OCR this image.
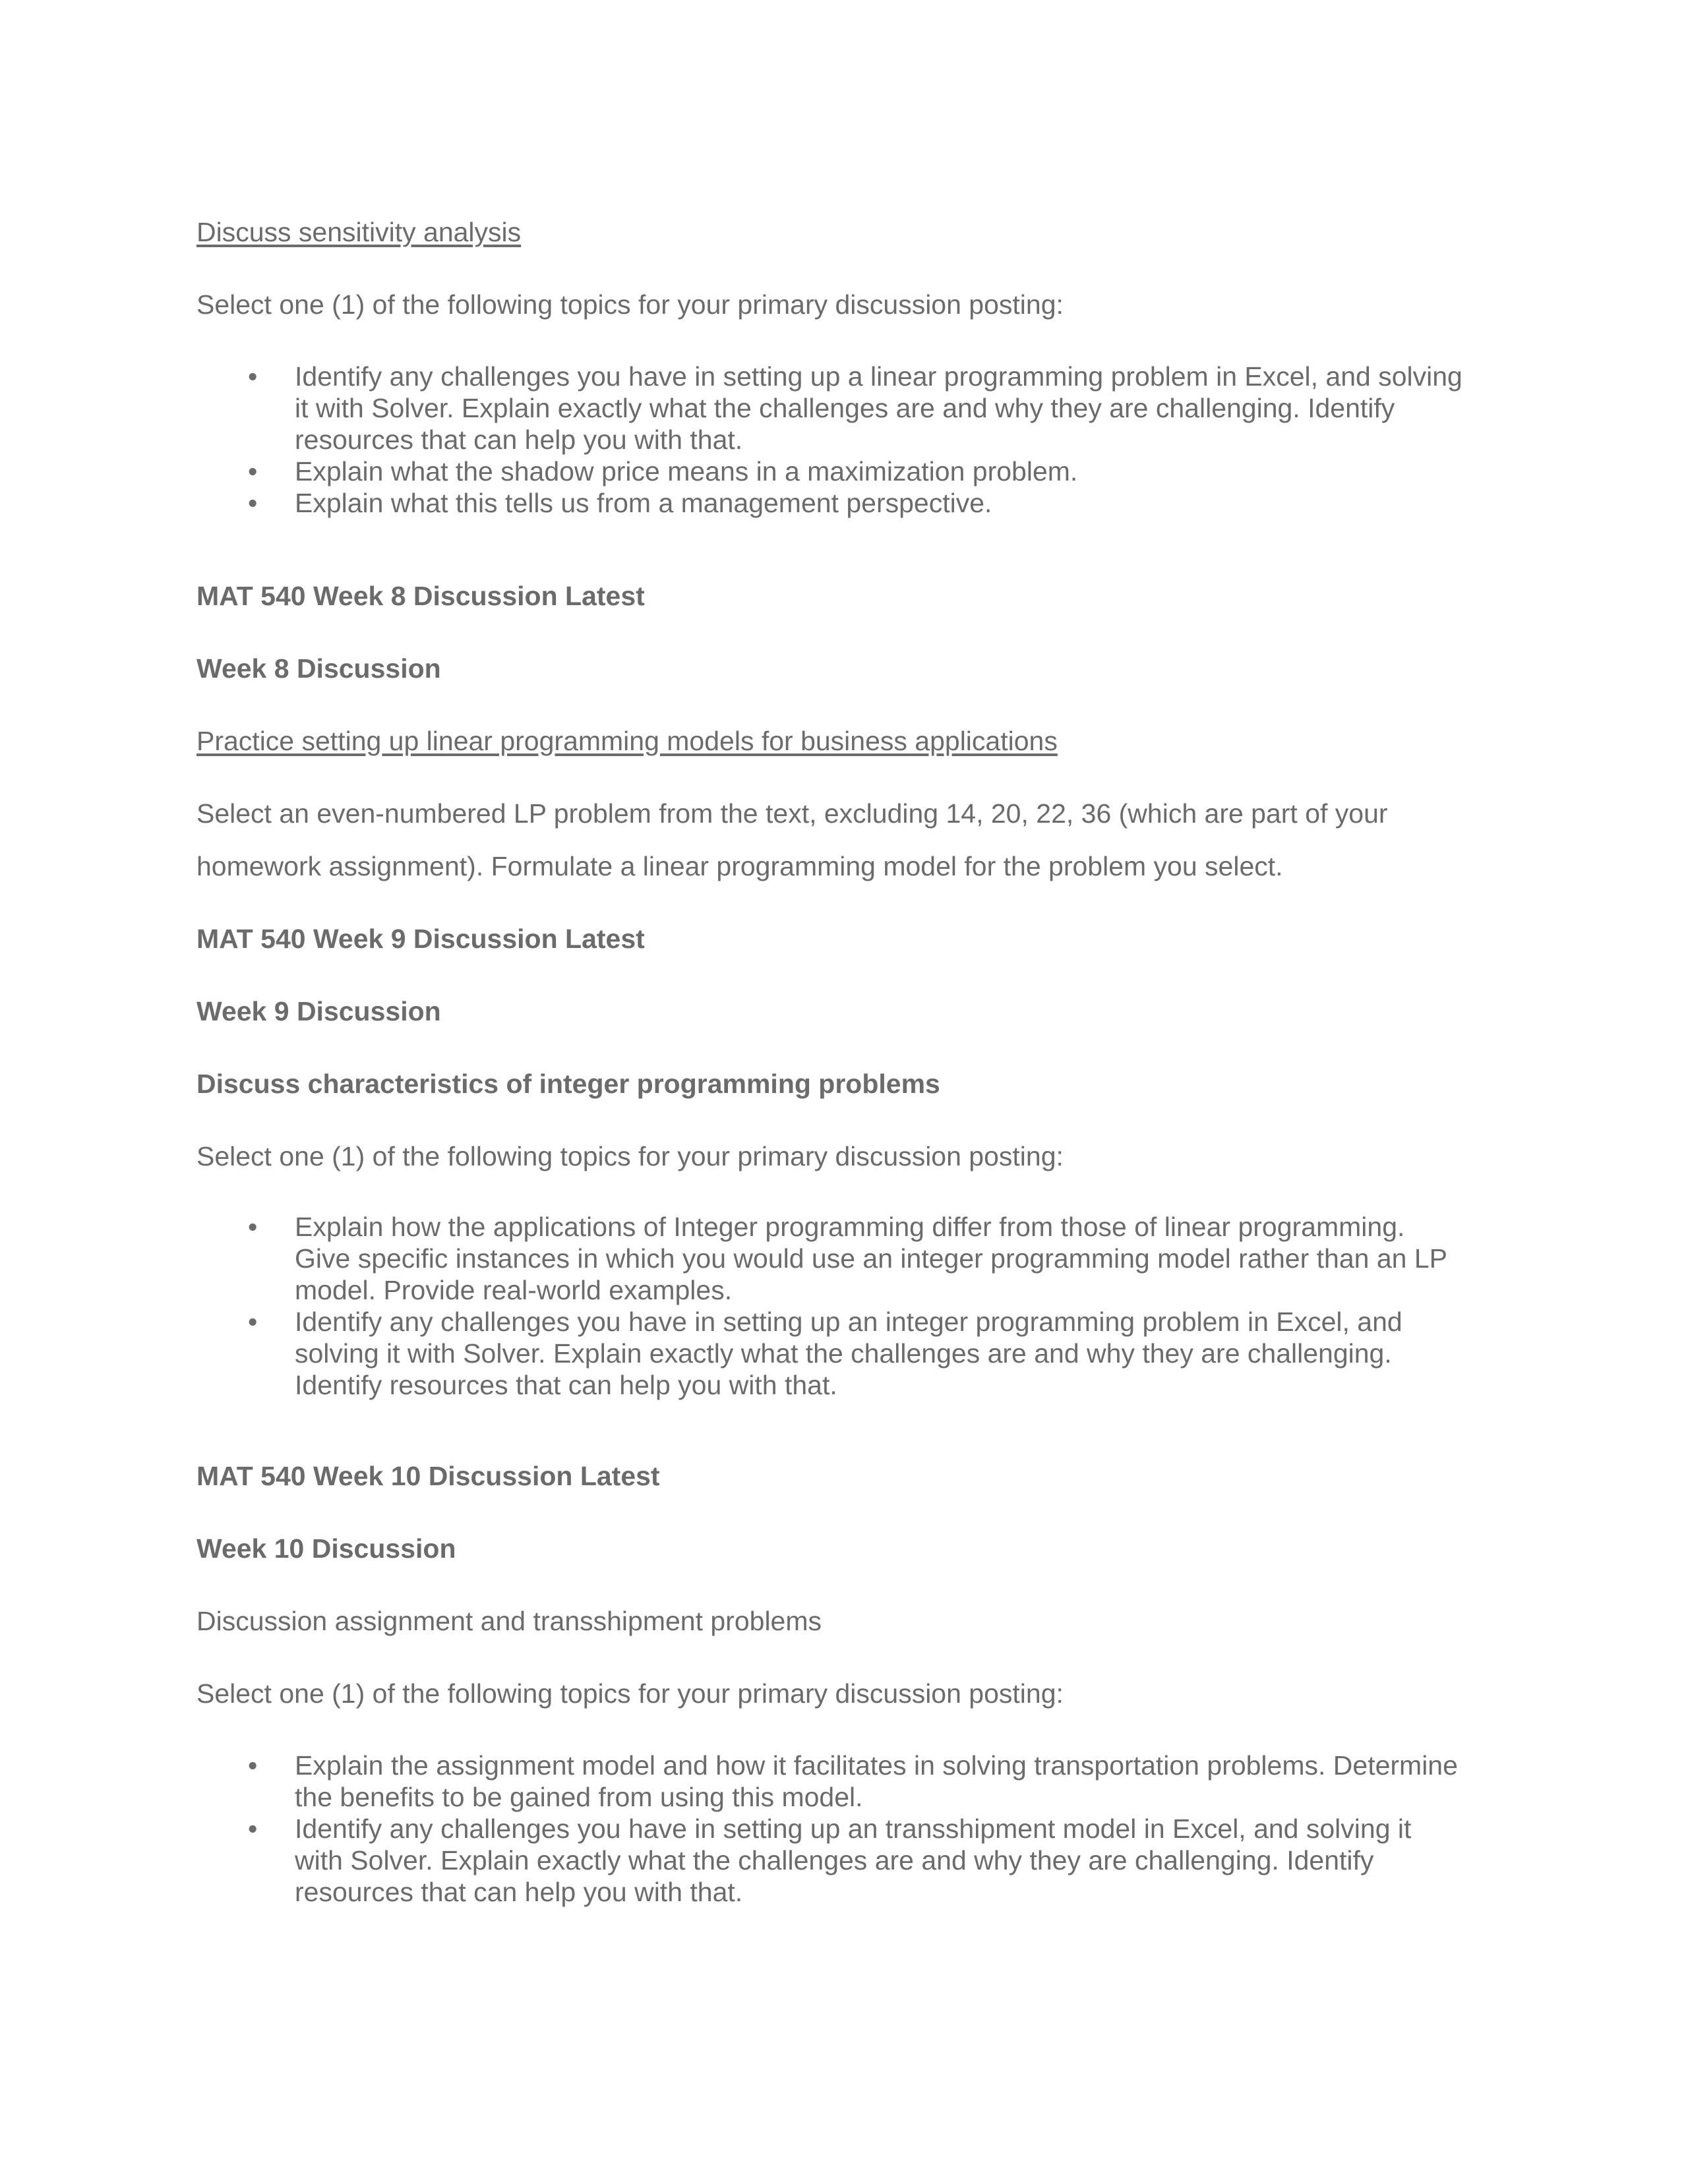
Discuss sensitivity analysis

Select one (1) of the following topics for your primary discussion posting:

• Identify any challenges you have in setting up a linear programming problem in Excel, and solving
it with Solver. Explain exactly what the challenges are and why they are challenging. Identify
resources that can help you with that.
• Explain what the shadow price means in a maximization problem.
• Explain what this tells us from a management perspective.

MAT 540 Week 8 Discussion Latest

Week 8 Discussion

Practice setting up linear programming models for business applications

Select an even-numbered LP problem from the text, excluding 14, 20, 22, 36 (which are part of your

homework assignment). Formulate a linear programming model for the problem you select.

MAT 540 Week 9 Discussion Latest

Week 9 Discussion

Discuss characteristics of integer programming problems

Select one (1) of the following topics for your primary discussion posting:

• Explain how the applications of Integer programming differ from those of linear programming.
Give specific instances in which you would use an integer programming model rather than an LP
model. Provide real-world examples.
• Identify any challenges you have in setting up an integer programming problem in Excel, and
solving it with Solver. Explain exactly what the challenges are and why they are challenging.
Identify resources that can help you with that.

MAT 540 Week 10 Discussion Latest

Week 10 Discussion

Discussion assignment and transshipment problems

Select one (1) of the following topics for your primary discussion posting:

• Explain the assignment model and how it facilitates in solving transportation problems. Determine
the benefits to be gained from using this model.
• Identify any challenges you have in setting up an transshipment model in Excel, and solving it
with Solver. Explain exactly what the challenges are and why they are challenging. Identify
resources that can help you with that.
